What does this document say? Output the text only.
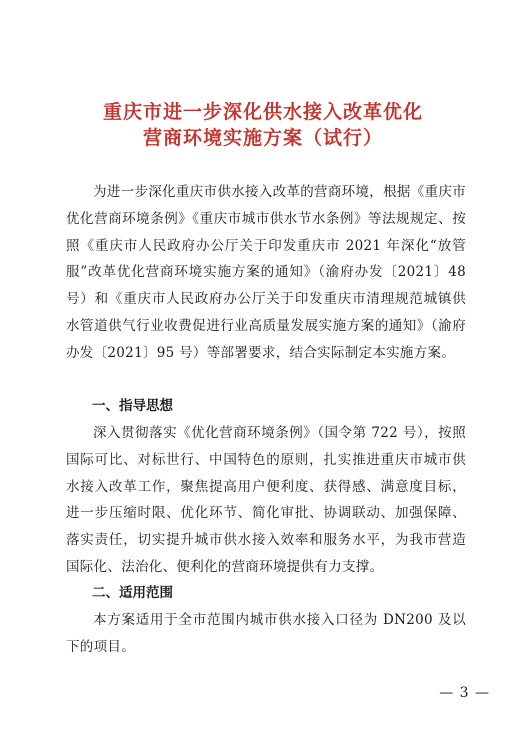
重庆市进一步深化供水接入改革优化
营商环境实施方案（试行）
为进一步深化重庆市供水接入改革的营商环境，根据《重庆市优化营商环境条例》《重庆市城市供水节水条例》等法规规定、按照《重庆市人民政府办公厅关于印发重庆市 2021 年深化“放管服”改革优化营商环境实施方案的通知》（渝府办发〔2021〕48 号）和《重庆市人民政府办公厅关于印发重庆市清理规范城镇供水管道供气行业收费促进行业高质量发展实施方案的通知》（渝府办发〔2021〕95 号）等部署要求，结合实际制定本实施方案。
一、指导思想
深入贯彻落实《优化营商环境条例》（国令第 722 号），按照国际可比、对标世行、中国特色的原则，扎实推进重庆市城市供水接入改革工作，聚焦提高用户便利度、获得感、满意度目标，进一步压缩时限、优化环节、简化审批、协调联动、加强保障、落实责任，切实提升城市供水接入效率和服务水平，为我市营造国际化、法治化、便利化的营商环境提供有力支撑。
二、适用范围
本方案适用于全市范围内城市供水接入口径为 DN200 及以下的项目。
— 3 —
